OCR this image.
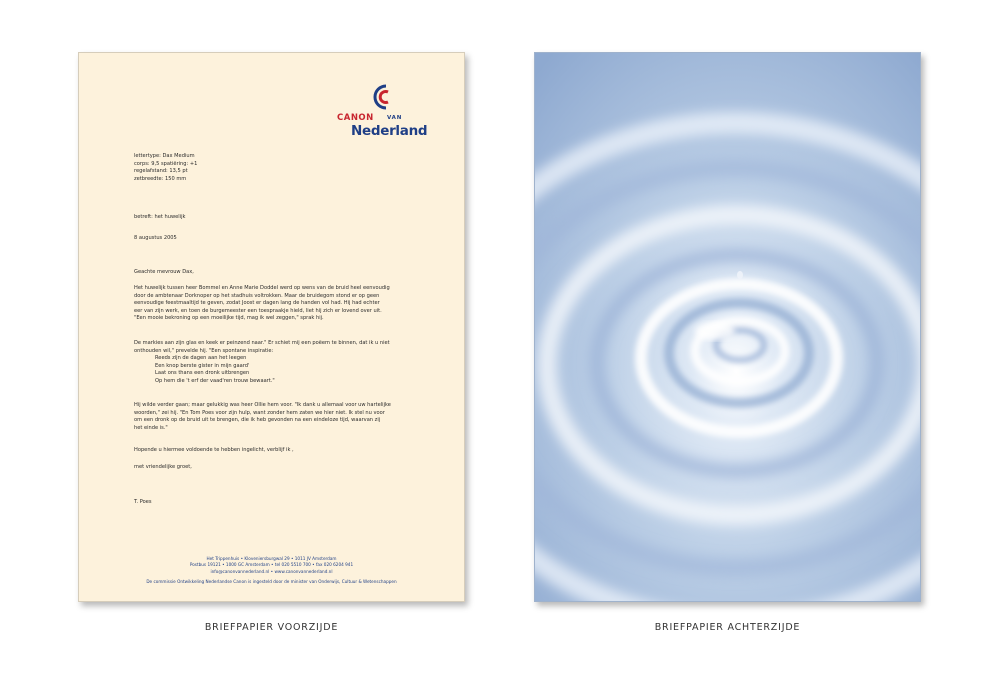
CANON VAN
Nederland
lettertype: Dax Medium
corps: 9,5 spatiëring: +1
regelafstand: 13,5 pt
zetbreedte: 150 mm
betreft: het huwelijk
8 augustus 2005
Geachte mevrouw Dax,
Het huwelijk tussen heer Bommel en Anne Marie Doddel werd op wens van de bruid heel eenvoudig
door de ambtenaar Dorknoper op het stadhuis voltrokken. Maar de bruidegom stond er op geen
eenvoudige feestmaaltijd te geven, zodat Joost er dagen lang de handen vol had. Hij had echter
eer van zijn werk, en toen de burgemeester een toespraakje hield, liet hij zich er lovend over uit.
"Een mooie bekroning op een moeilijke tijd, mag ik wel zeggen," sprak hij.
De markies aan zijn glas en keek er peinzend naar." Er schiet mij een poëem te binnen, dat ik u niet
onthouden wil," prevelde hij. "Een spontane inspiratie:
Reeds zijn de dagen aan het leegen
Een knop berste gister in mijn gaard'
Laat ons thans een dronk uitbrengen
Op hem die 't erf der vaad'ren trouw bewaart."
Hij wilde verder gaan; maar gelukkig was heer Ollie hem voor. "Ik dank u allemaal voor uw hartelijke
woorden," zei hij. "En Tom Poes voor zijn hulp, want zonder hem zaten we hier niet. Ik stel nu voor
om een dronk op de bruid uit te brengen, die ik heb gevonden na een eindeloze tijd, waarvan zij
het einde is."
Hopende u hiermee voldoende te hebben ingelicht, verblijf ik ,
met vriendelijke groet,
T. Poes
Het Trippenhuis • Kloveniersburgwal 29 • 1011 JV Amsterdam
Postbus 19121 • 1000 GC Amsterdam • tel 020 5510 700 • fax 020 6204 941
info@canonvannederland.nl • www.canonvannederland.nl
De commissie Ontwikkeling Nederlandse Canon is ingesteld door de minister van Onderwijs, Cultuur & Wetenschappen
BRIEFPAPIER VOORZIJDE	BRIEFPAPIER ACHTERZIJDE
